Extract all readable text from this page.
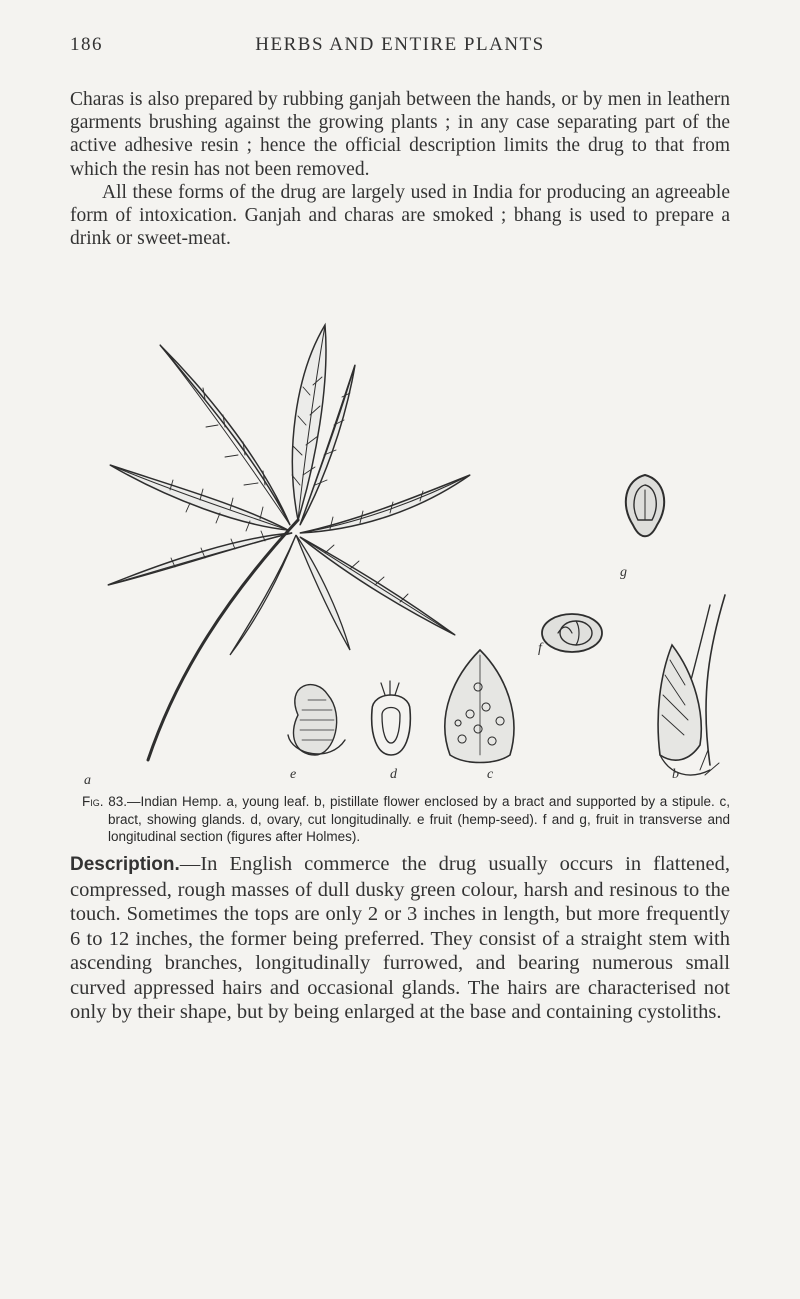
186	HERBS AND ENTIRE PLANTS

Charas is also prepared by rubbing ganjah between the hands, or by men in leathern garments brushing against the growing plants ; in any case separating part of the active adhesive resin ; hence the official description limits the drug to that from which the resin has not been removed.

All these forms of the drug are largely used in India for producing an agreeable form of intoxication. Ganjah and charas are smoked ; bhang is used to prepare a drink or sweet-meat.

a	e	d	c	b
f
g
Fig. 83.—Indian Hemp. a, young leaf. b, pistillate flower enclosed by a bract and supported by a stipule. c, bract, showing glands. d, ovary, cut longitudinally. e fruit (hemp-seed). f and g, fruit in transverse and longitudinal section (figures after Holmes).
Description.—In English commerce the drug usually occurs in flattened, compressed, rough masses of dull dusky green colour, harsh and resinous to the touch. Sometimes the tops are only 2 or 3 inches in length, but more frequently 6 to 12 inches, the former being preferred. They consist of a straight stem with ascending branches, longitudinally furrowed, and bearing numerous small curved appressed hairs and occasional glands. The hairs are characterised not only by their shape, but by being enlarged at the base and containing cystoliths.
